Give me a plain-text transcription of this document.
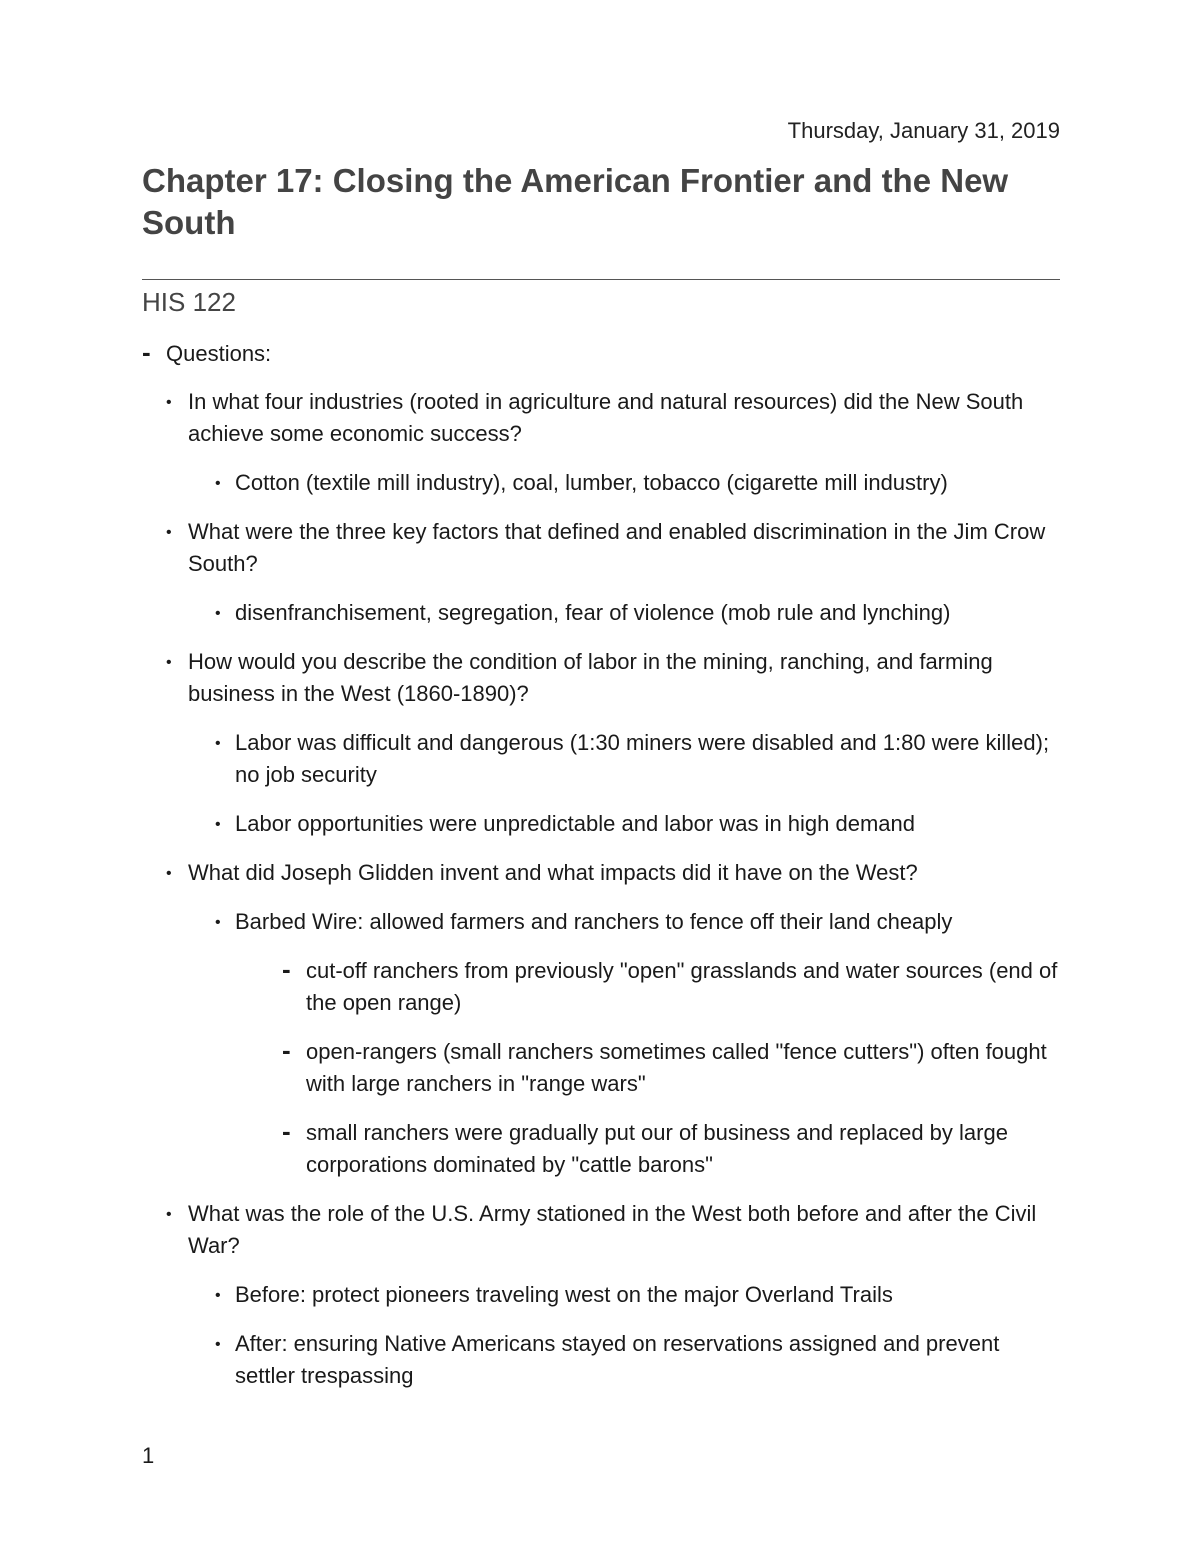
Thursday, January 31, 2019
Chapter 17: Closing the American Frontier and the New South
HIS 122
- Questions:
• In what four industries (rooted in agriculture and natural resources) did the New South achieve some economic success?
• Cotton (textile mill industry), coal, lumber, tobacco (cigarette mill industry)
• What were the three key factors that defined and enabled discrimination in the Jim Crow South?
• disenfranchisement, segregation, fear of violence (mob rule and lynching)
• How would you describe the condition of labor in the mining, ranching, and farming business in the West (1860-1890)?
• Labor was difficult and dangerous (1:30 miners were disabled and 1:80 were killed); no job security
• Labor opportunities were unpredictable and labor was in high demand
• What did Joseph Glidden invent and what impacts did it have on the West?
• Barbed Wire: allowed farmers and ranchers to fence off their land cheaply
- cut-off ranchers from previously "open" grasslands and water sources (end of the open range)
- open-rangers (small ranchers sometimes called "fence cutters") often fought with large ranchers in "range wars"
- small ranchers were gradually put our of business and replaced by large corporations dominated by "cattle barons"
• What was the role of the U.S. Army stationed in the West both before and after the Civil War?
• Before: protect pioneers traveling west on the major Overland Trails
• After: ensuring Native Americans stayed on reservations assigned and prevent settler trespassing
1
